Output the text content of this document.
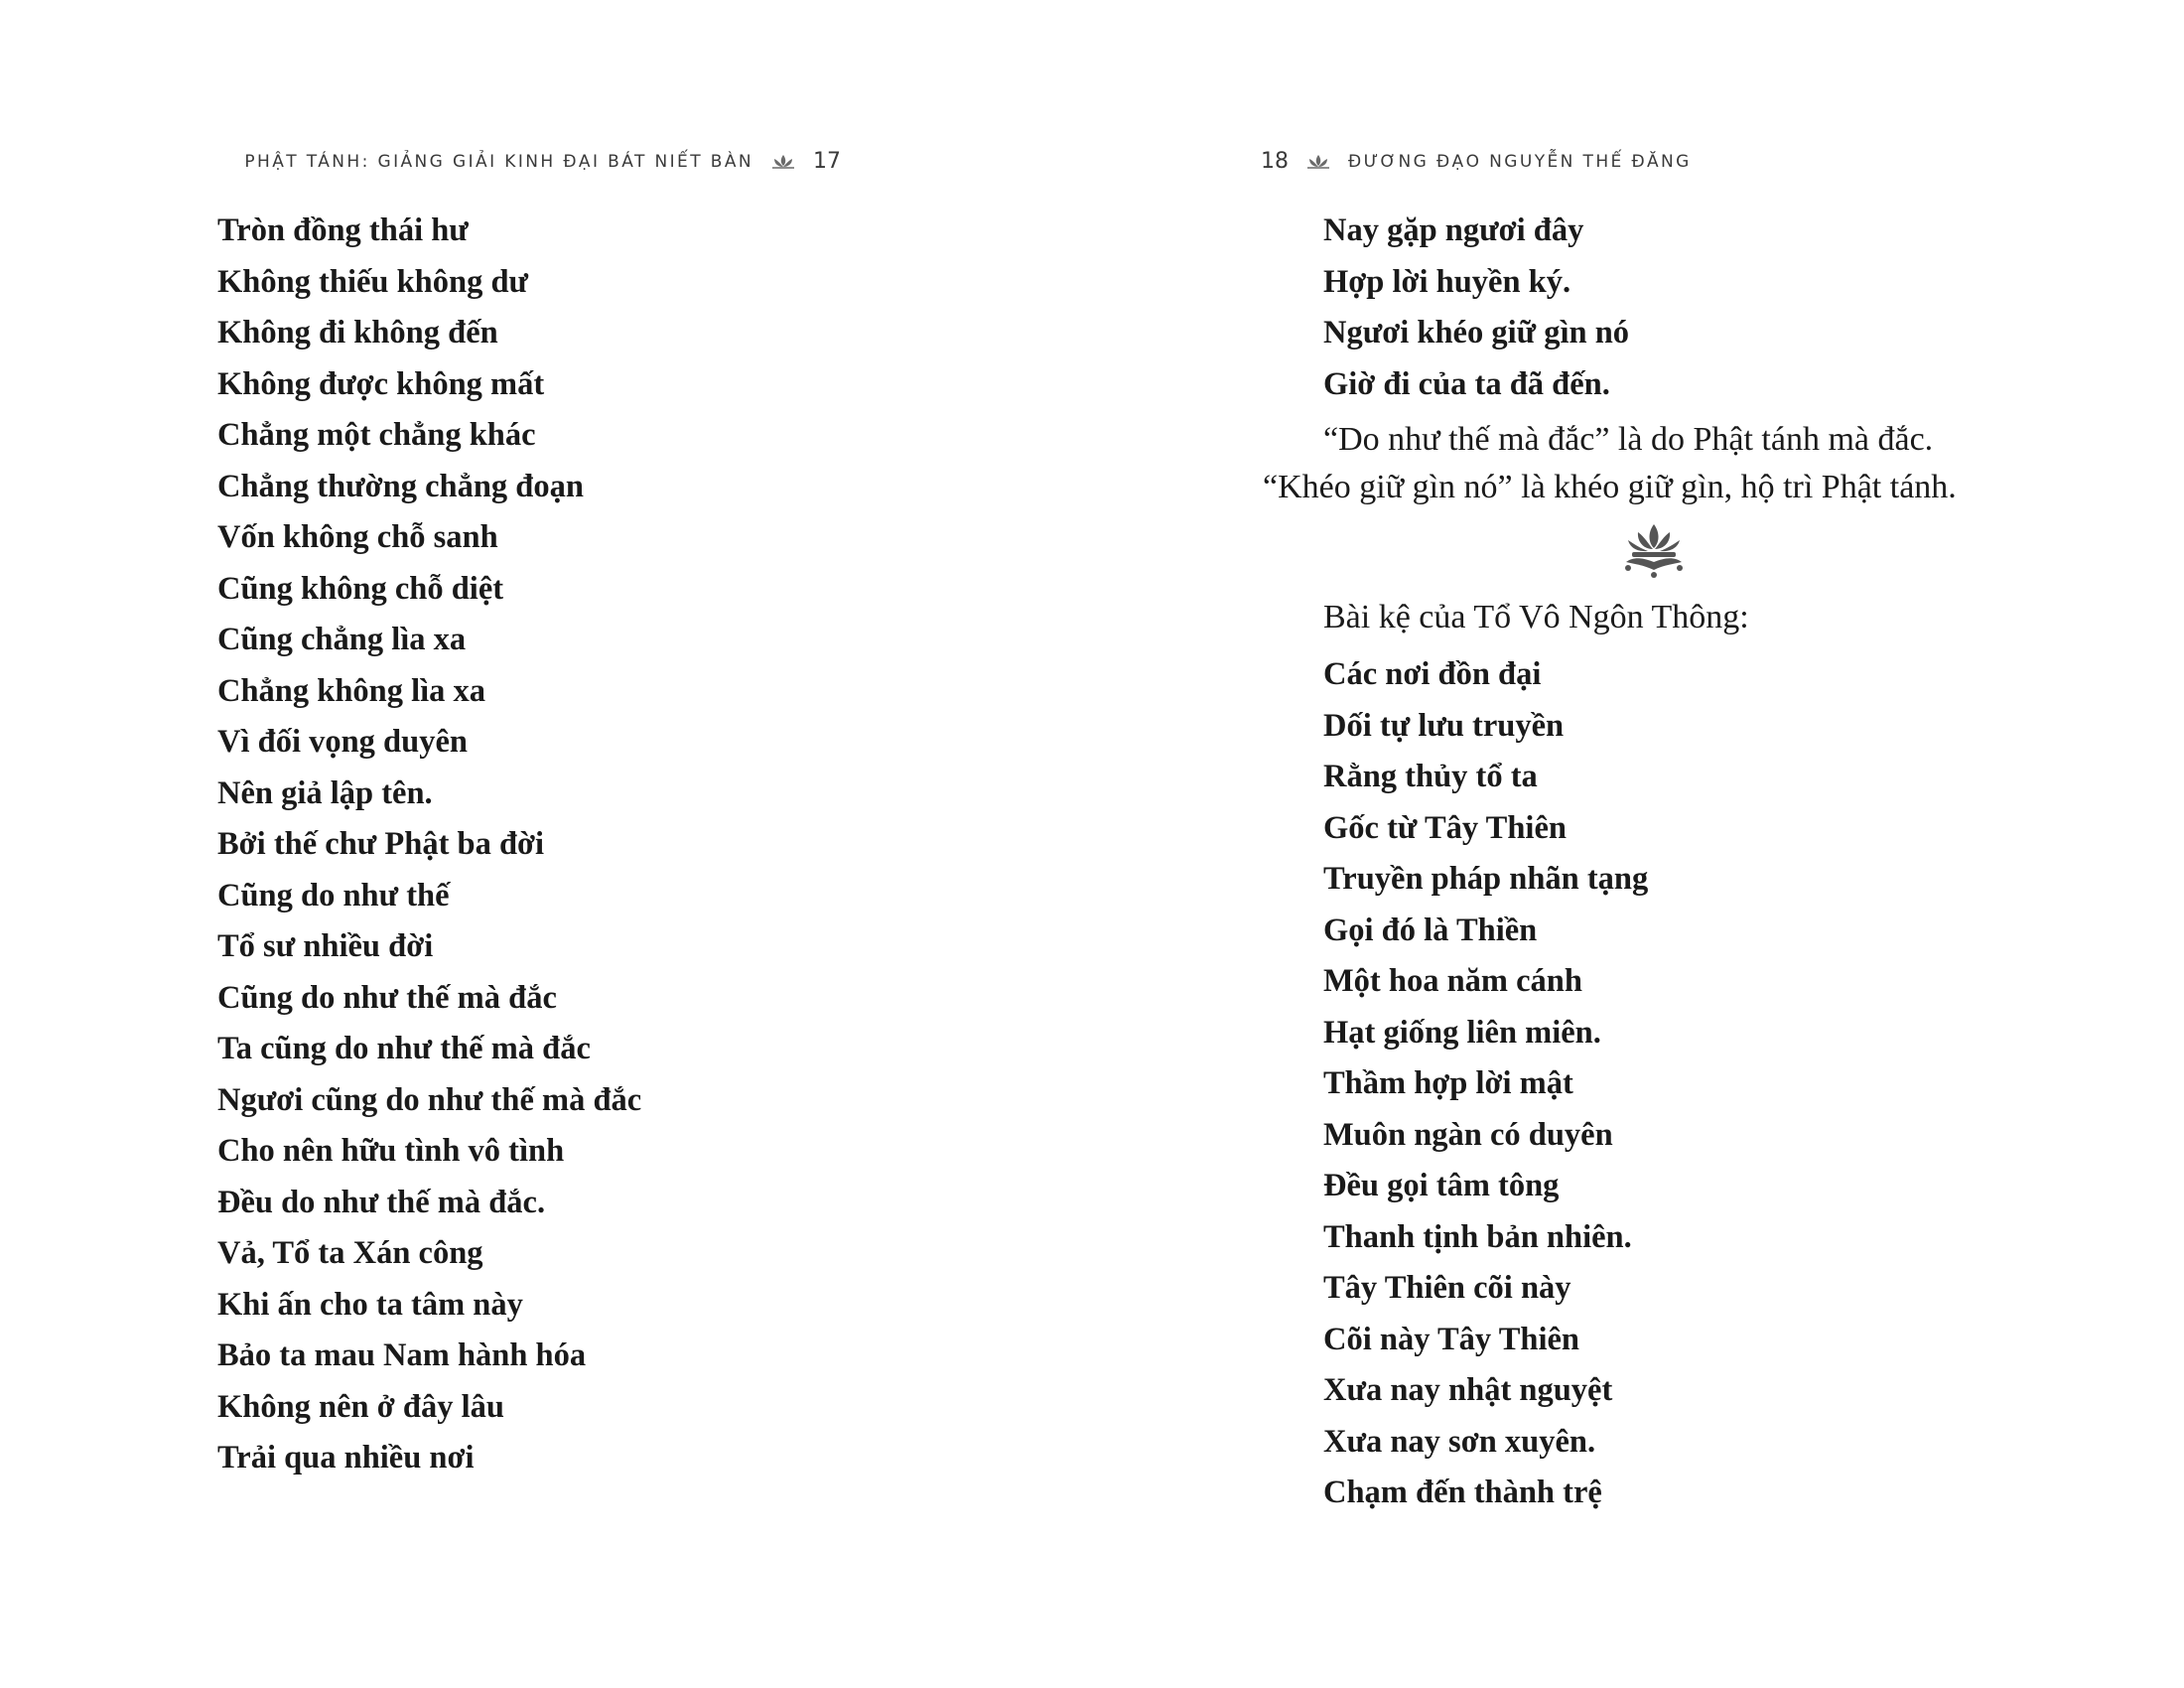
PHẬT TÁNH: GIẢNG GIẢI KINH ĐẠI BÁT NIẾT BÀN	17
Tròn đồng thái hư
Không thiếu không dư
Không đi không đến
Không được không mất
Chẳng một chẳng khác
Chẳng thường chẳng đoạn
Vốn không chỗ sanh
Cũng không chỗ diệt
Cũng chẳng lìa xa
Chẳng không lìa xa
Vì đối vọng duyên
Nên giả lập tên.
Bởi thế chư Phật ba đời
Cũng do như thế
Tổ sư nhiều đời
Cũng do như thế mà đắc
Ta cũng do như thế mà đắc
Ngươi cũng do như thế mà đắc
Cho nên hữu tình vô tình
Đều do như thế mà đắc.
Vả, Tổ ta Xán công
Khi ấn cho ta tâm này
Bảo ta mau Nam hành hóa
Không nên ở đây lâu
Trải qua nhiều nơi
18	ĐƯƠNG ĐẠO NGUYỄN THẾ ĐĂNG
Nay gặp ngươi đây
Hợp lời huyền ký.
Ngươi khéo giữ gìn nó
Giờ đi của ta đã đến.

“Do như thế mà đắc” là do Phật tánh mà đắc.

“Khéo giữ gìn nó” là khéo giữ gìn, hộ trì Phật tánh.

Bài kệ của Tổ Vô Ngôn Thông:
Các nơi đồn đại
Dối tự lưu truyền
Rằng thủy tổ ta
Gốc từ Tây Thiên
Truyền pháp nhãn tạng
Gọi đó là Thiền
Một hoa năm cánh
Hạt giống liên miên.
Thầm hợp lời mật
Muôn ngàn có duyên
Đều gọi tâm tông
Thanh tịnh bản nhiên.
Tây Thiên cõi này
Cõi này Tây Thiên
Xưa nay nhật nguyệt
Xưa nay sơn xuyên.
Chạm đến thành trệ
